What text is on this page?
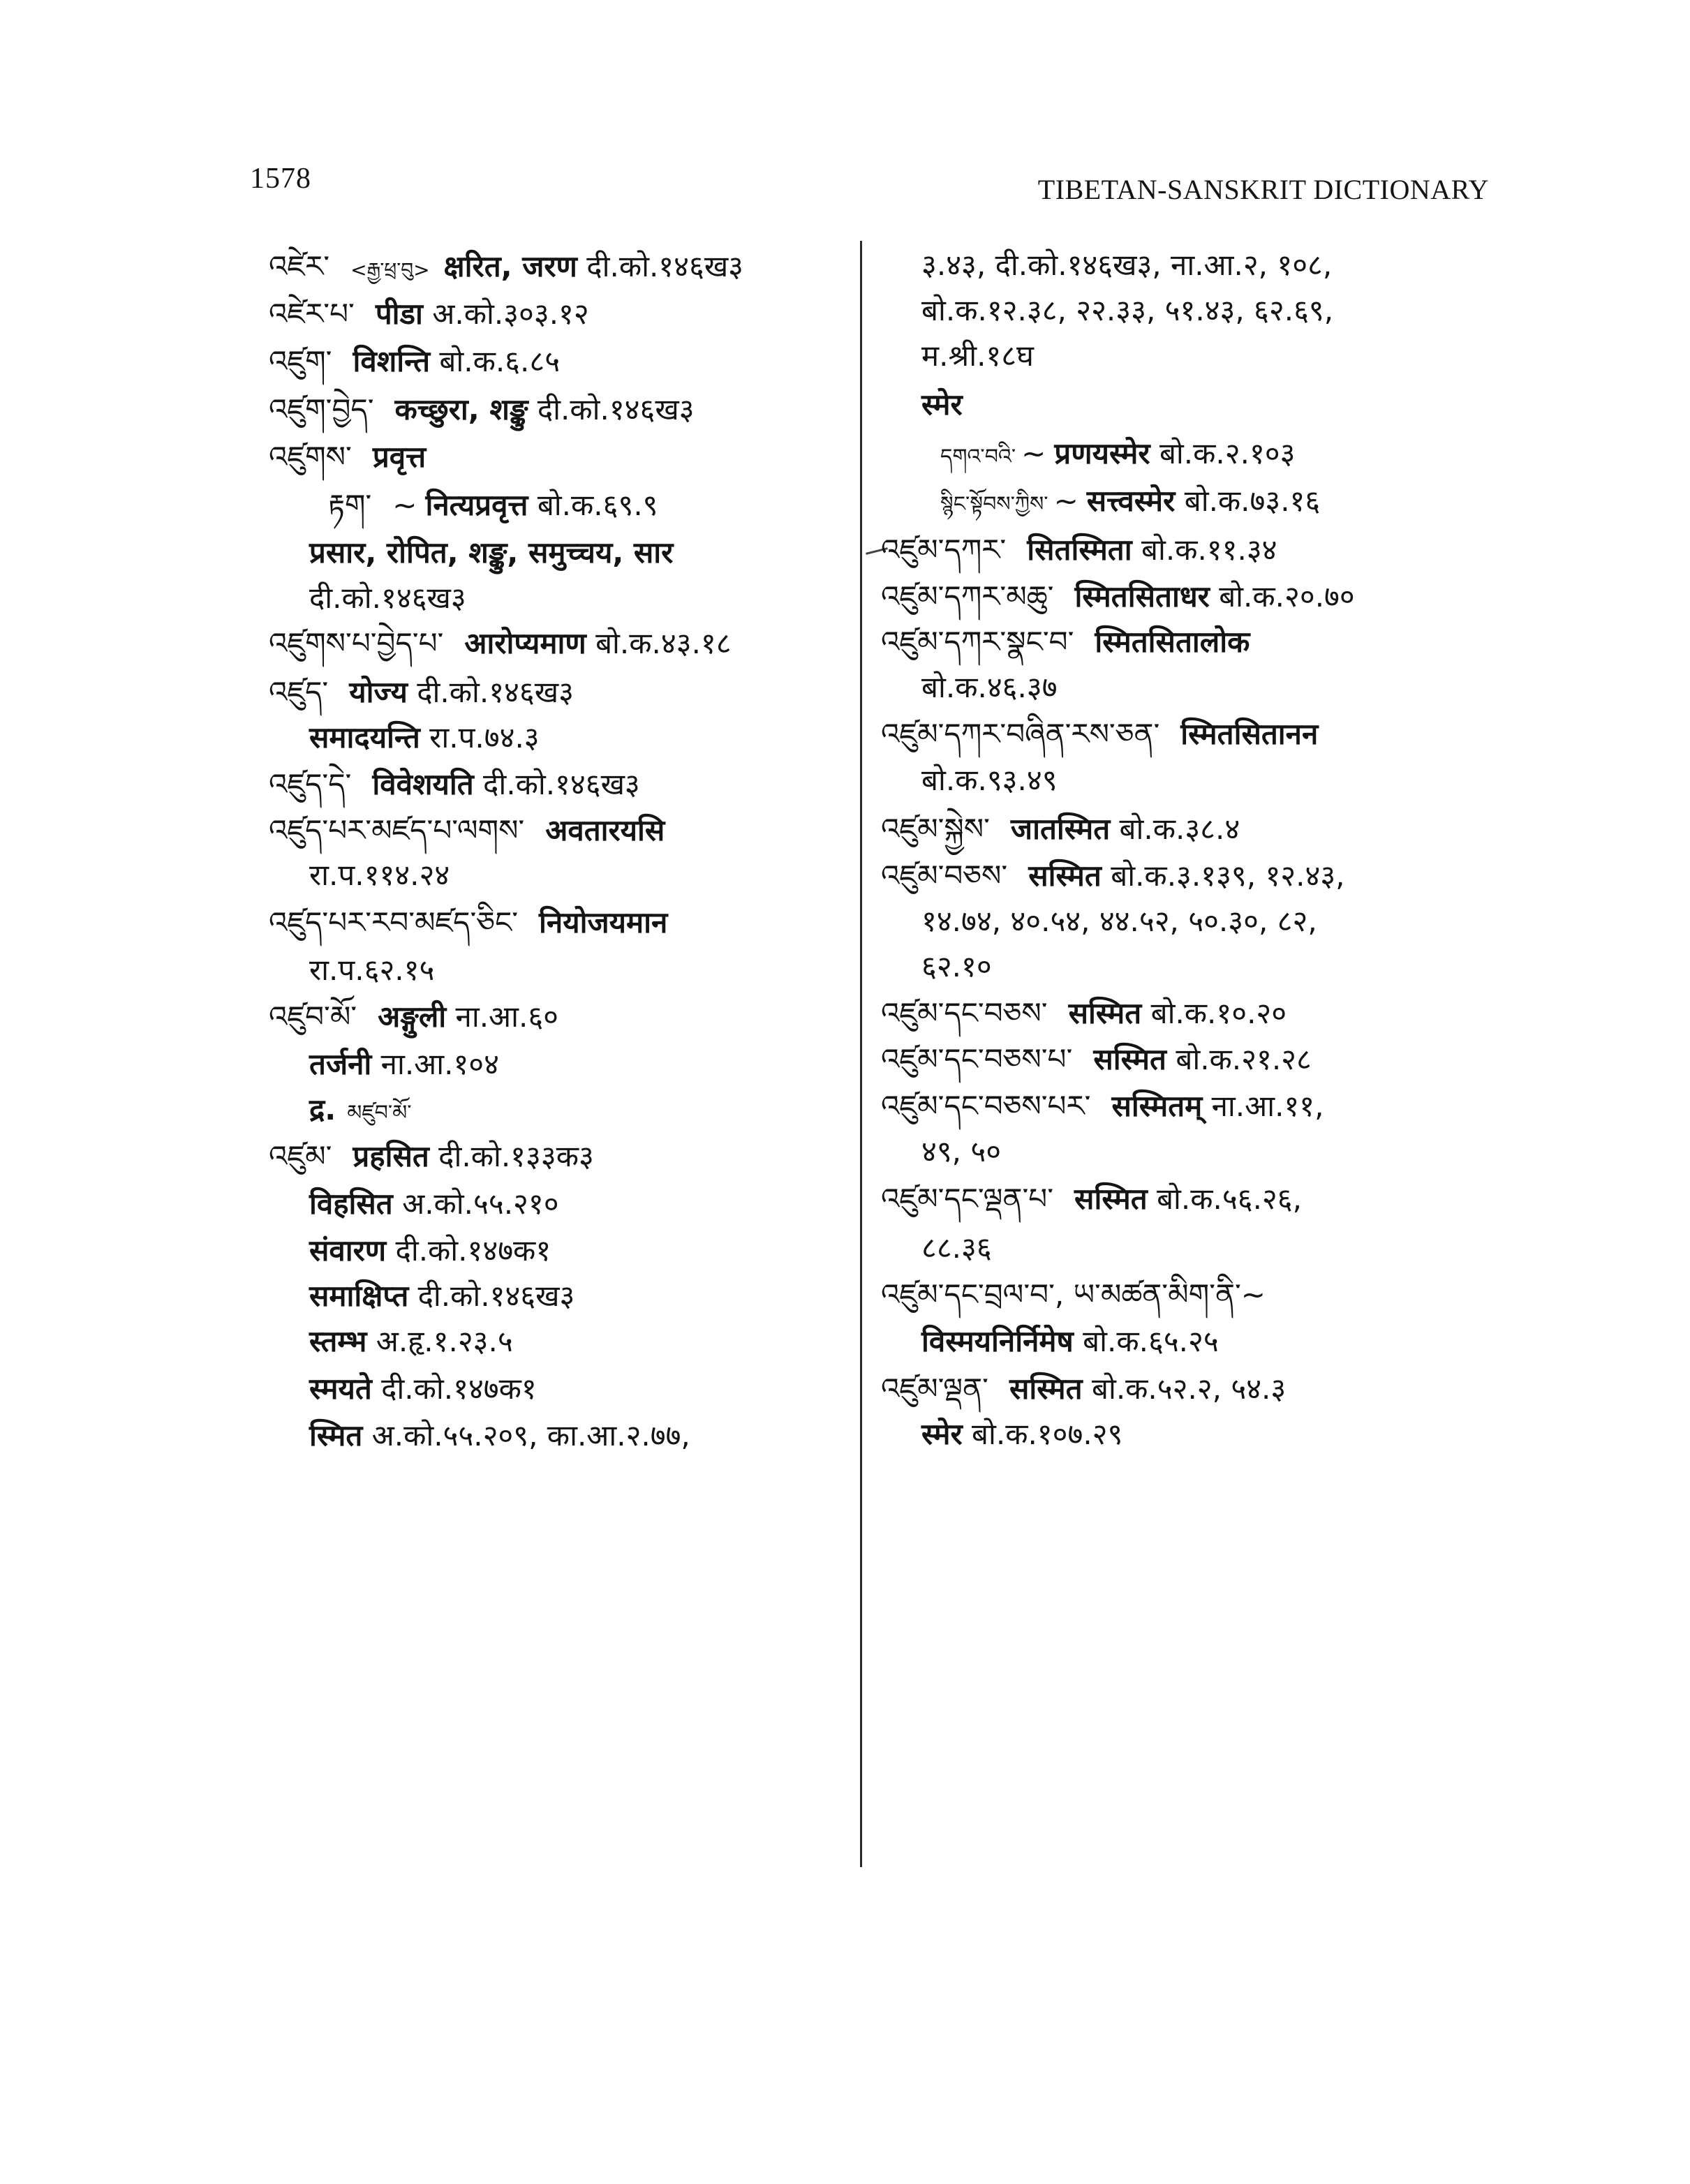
1578	TIBETAN-SANSKRIT DICTIONARY
འཛེར་ <རྒྱ་ཕྲ་བུ> क्षरित, जरण दी.को.१४६ख३
འཛེར་པ་ पीडा अ.को.३०३.१२
འཛུག་ विशन्ति बो.क.६.८५
འཛུག་བྱེད་ कच्छुरा, शङ्कु दी.को.१४६ख३
འཛུགས་ प्रवृत्त
རྟག་ ~ नित्यप्रवृत्त बो.क.६९.९
प्रसार, रोपित, शङ्कु, समुच्चय, सार
दी.को.१४६ख३
འཛུགས་པ་བྱེད་པ་ आरोप्यमाण बो.क.४३.१८
འཛུད་ योज्य दी.को.१४६ख३
समादयन्ति रा.प.७४.३
འཛུད་དེ་ विवेशयति दी.को.१४६ख३
འཛུད་པར་མཛད་པ་ལགས་ अवतारयसि
रा.प.११४.२४
འཛུད་པར་རབ་མཛད་ཅིང་ नियोजयमान
रा.प.६२.१५
འཛུབ་མོ་ अङ्गुली ना.आ.६०
तर्जनी ना.आ.१०४
द्र. མཛུབ་མོ་
འཛུམ་ प्रहसित दी.को.१३३क३
विहसित अ.को.५५.२१०
संवारण दी.को.१४७क१
समाक्षिप्त दी.को.१४६ख३
स्तम्भ अ.हृ.१.२३.५
स्मयते दी.को.१४७क१
स्मित अ.को.५५.२०९, का.आ.२.७७,
३.४३, दी.को.१४६ख३, ना.आ.२, १०८,
बो.क.१२.३८, २२.३३, ५१.४३, ६२.६९,
म.श्री.१८घ
स्मेर
དགའ་བའི་ ~ प्रणयस्मेर बो.क.२.१०३
སྙིང་སྟོབས་ཀྱིས་ ~ सत्त्वस्मेर बो.क.७३.१६
འཛུམ་དཀར་ सितस्मिता बो.क.११.३४
འཛུམ་དཀར་མཆུ་ स्मितसिताधर बो.क.२०.७०
འཛུམ་དཀར་སྣང་བ་ स्मितसितालोक
बो.क.४६.३७
འཛུམ་དཀར་བཞིན་རས་ཅན་ स्मितसितानन
बो.क.९३.४९
འཛུམ་སྐྱེས་ जातस्मित बो.क.३८.४
འཛུམ་བཅས་ सस्मित बो.क.३.१३९, १२.४३,
१४.७४, ४०.५४, ४४.५२, ५०.३०, ८२,
६२.१०
འཛུམ་དང་བཅས་ सस्मित बो.क.१०.२०
འཛུམ་དང་བཅས་པ་ सस्मित बो.क.२१.२८
འཛུམ་དང་བཅས་པར་ सस्मितम् ना.आ.११,
४९, ५०
འཛུམ་དང་ལྡན་པ་ सस्मित बो.क.५६.२६,
८८.३६
འཛུམ་དང་བྲལ་བ་, ཡ་མཚན་མིག་ནི་~
विस्मयनिर्निमेष बो.क.६५.२५
འཛུམ་ལྡན་ सस्मित बो.क.५२.२, ५४.३
स्मेर बो.क.१०७.२९
